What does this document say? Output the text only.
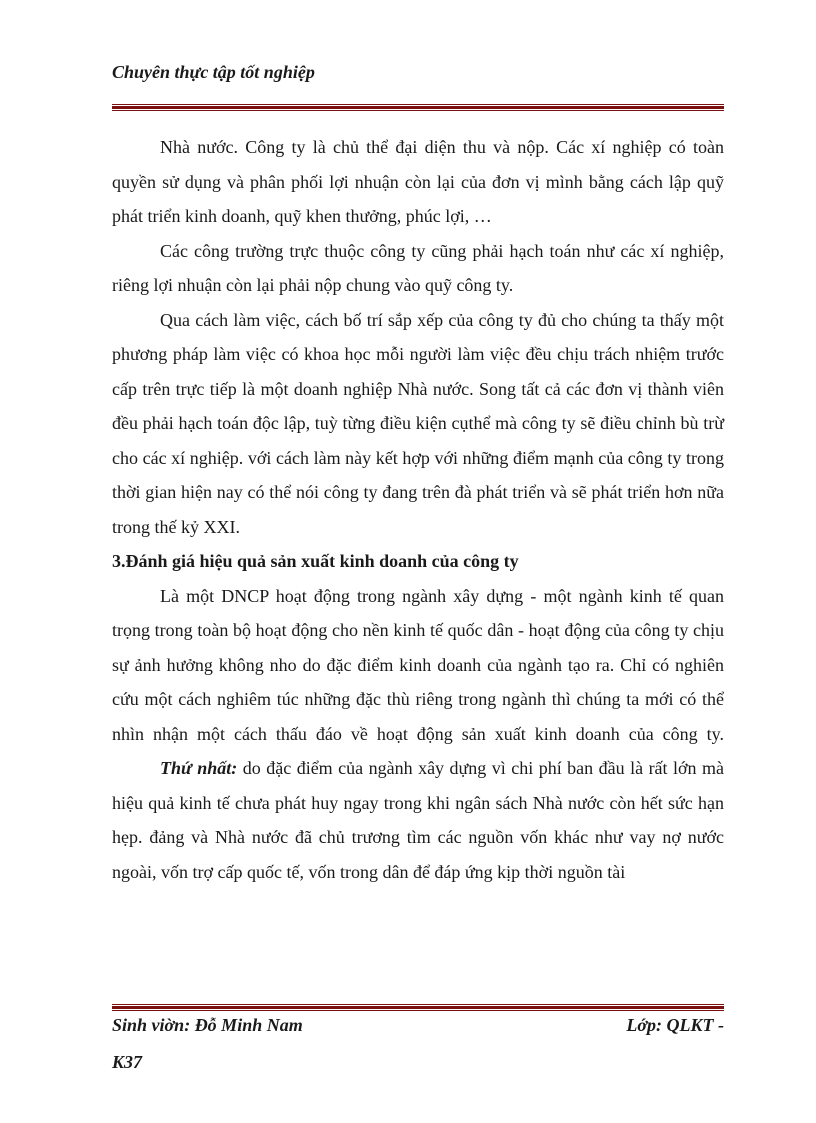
Chuyên thực tập tốt nghiệp

Nhà nước. Công ty là chủ thể đại diện thu và nộp. Các xí nghiệp có toàn quyền sử dụng và phân phối lợi nhuận còn lại của đơn vị mình bằng cách lập quỹ phát triển kinh doanh, quỹ khen thưởng, phúc lợi, …

Các công trường trực thuộc công ty cũng phải hạch toán như các xí nghiệp, riêng lợi nhuận còn lại phải nộp chung vào quỹ công ty.

Qua cách làm việc, cách bố trí sắp xếp của công ty đủ cho chúng ta thấy một phương pháp làm việc có khoa học mỗi người làm việc đều chịu trách nhiệm trước cấp trên trực tiếp là một doanh nghiệp Nhà nước. Song tất cả các đơn vị thành viên đều phải hạch toán độc lập, tuỳ từng điều kiện cụthể mà công ty sẽ điều chỉnh bù trừ cho các xí nghiệp. với cách làm này kết hợp với những điểm mạnh của công ty trong thời gian hiện nay có thể nói công ty đang trên đà phát triển và sẽ phát triển hơn nữa trong thế kỷ XXI.

3.Đánh giá hiệu quả sản xuất kinh doanh của công ty

Là một DNCP hoạt động trong ngành xây dựng - một ngành kinh tế quan trọng trong toàn bộ hoạt động cho nền kinh tế quốc dân - hoạt động của công ty chịu sự ảnh hưởng không nho do đặc điểm kinh doanh của ngành tạo ra. Chỉ có nghiên cứu một cách nghiêm túc những đặc thù riêng trong ngành thì chúng ta mới có thể nhìn nhận một cách thấu đáo về hoạt động sản xuất kinh doanh của công ty.

Thứ nhất: do đặc điểm của ngành xây dựng vì chi phí ban đầu là rất lớn mà hiệu quả kinh tế chưa phát huy ngay trong khi ngân sách Nhà nước còn hết sức hạn hẹp. đảng và Nhà nước đã chủ trương tìm các nguồn vốn khác như vay nợ nước ngoài, vốn trợ cấp quốc tế, vốn trong dân để đáp ứng kịp thời nguồn tài

Sinh viờn: Đỗ Minh Nam	Lớp: QLKT -
K37
